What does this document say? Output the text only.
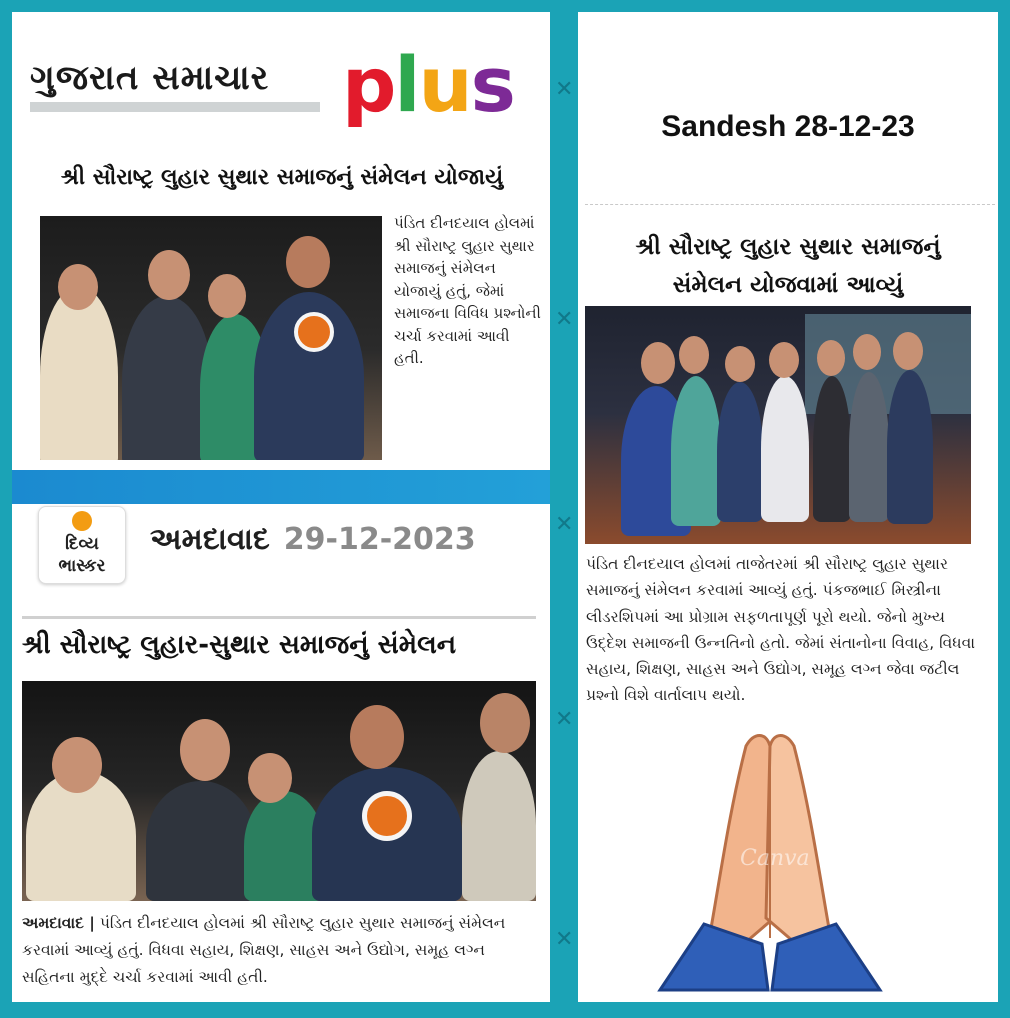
✕
✕
✕
✕
✕
ગુજરાત સમાચાર plus
શ્રી સૌરાષ્ટ્ર લુહાર સુથાર સમાજનું સંમેલન યોજાયું
પંડિત દીનદયાલ હોલમાં શ્રી સૌરાષ્ટ્ર લુહાર સુથાર સમાજનું સંમેલન યોજાયું હતું, જેમાં સમાજના વિવિધ પ્રશ્નોની ચર્ચા કરવામાં આવી હતી.
દિવ્ય
ભાસ્કર
અમદાવાદ 29-12-2023
શ્રી સૌરાષ્ટ્ર લુહાર-સુથાર સમાજનું સંમેલન
અમદાવાદ | પંડિત દીનદયાલ હોલમાં શ્રી સૌરાષ્ટ્ર લુહાર સુથાર સમાજનું સંમેલન કરવામાં આવ્યું હતું. વિધવા સહાય, શિક્ષણ, સાહસ અને ઉદ્યોગ, સમૂહ લગ્ન સહિતના મુદ્દે ચર્ચા કરવામાં આવી હતી.
Sandesh 28-12-23
શ્રી સૌરાષ્ટ્ર લુહાર સુથાર સમાજનું
સંમેલન યોજવામાં આવ્યું
પંડિત દીનદયાલ હોલમાં તાજેતરમાં શ્રી સૌરાષ્ટ્ર લુહાર સુથાર સમાજનું સંમેલન કરવામાં આવ્યું હતું. પંકજભાઈ મિસ્ત્રીના લીડરશિપમાં આ પ્રોગ્રામ સફળતાપૂર્ણ પૂરો થયો. જેનો મુખ્ય ઉદ્દેશ સમાજની ઉન્નતિનો હતો. જેમાં સંતાનોના વિવાહ, વિધવા સહાય, શિક્ષણ, સાહસ અને ઉદ્યોગ, સમૂહ લગ્ન જેવા જટીલ પ્રશ્નો વિશે વાર્તાલાપ થયો.
Canva
